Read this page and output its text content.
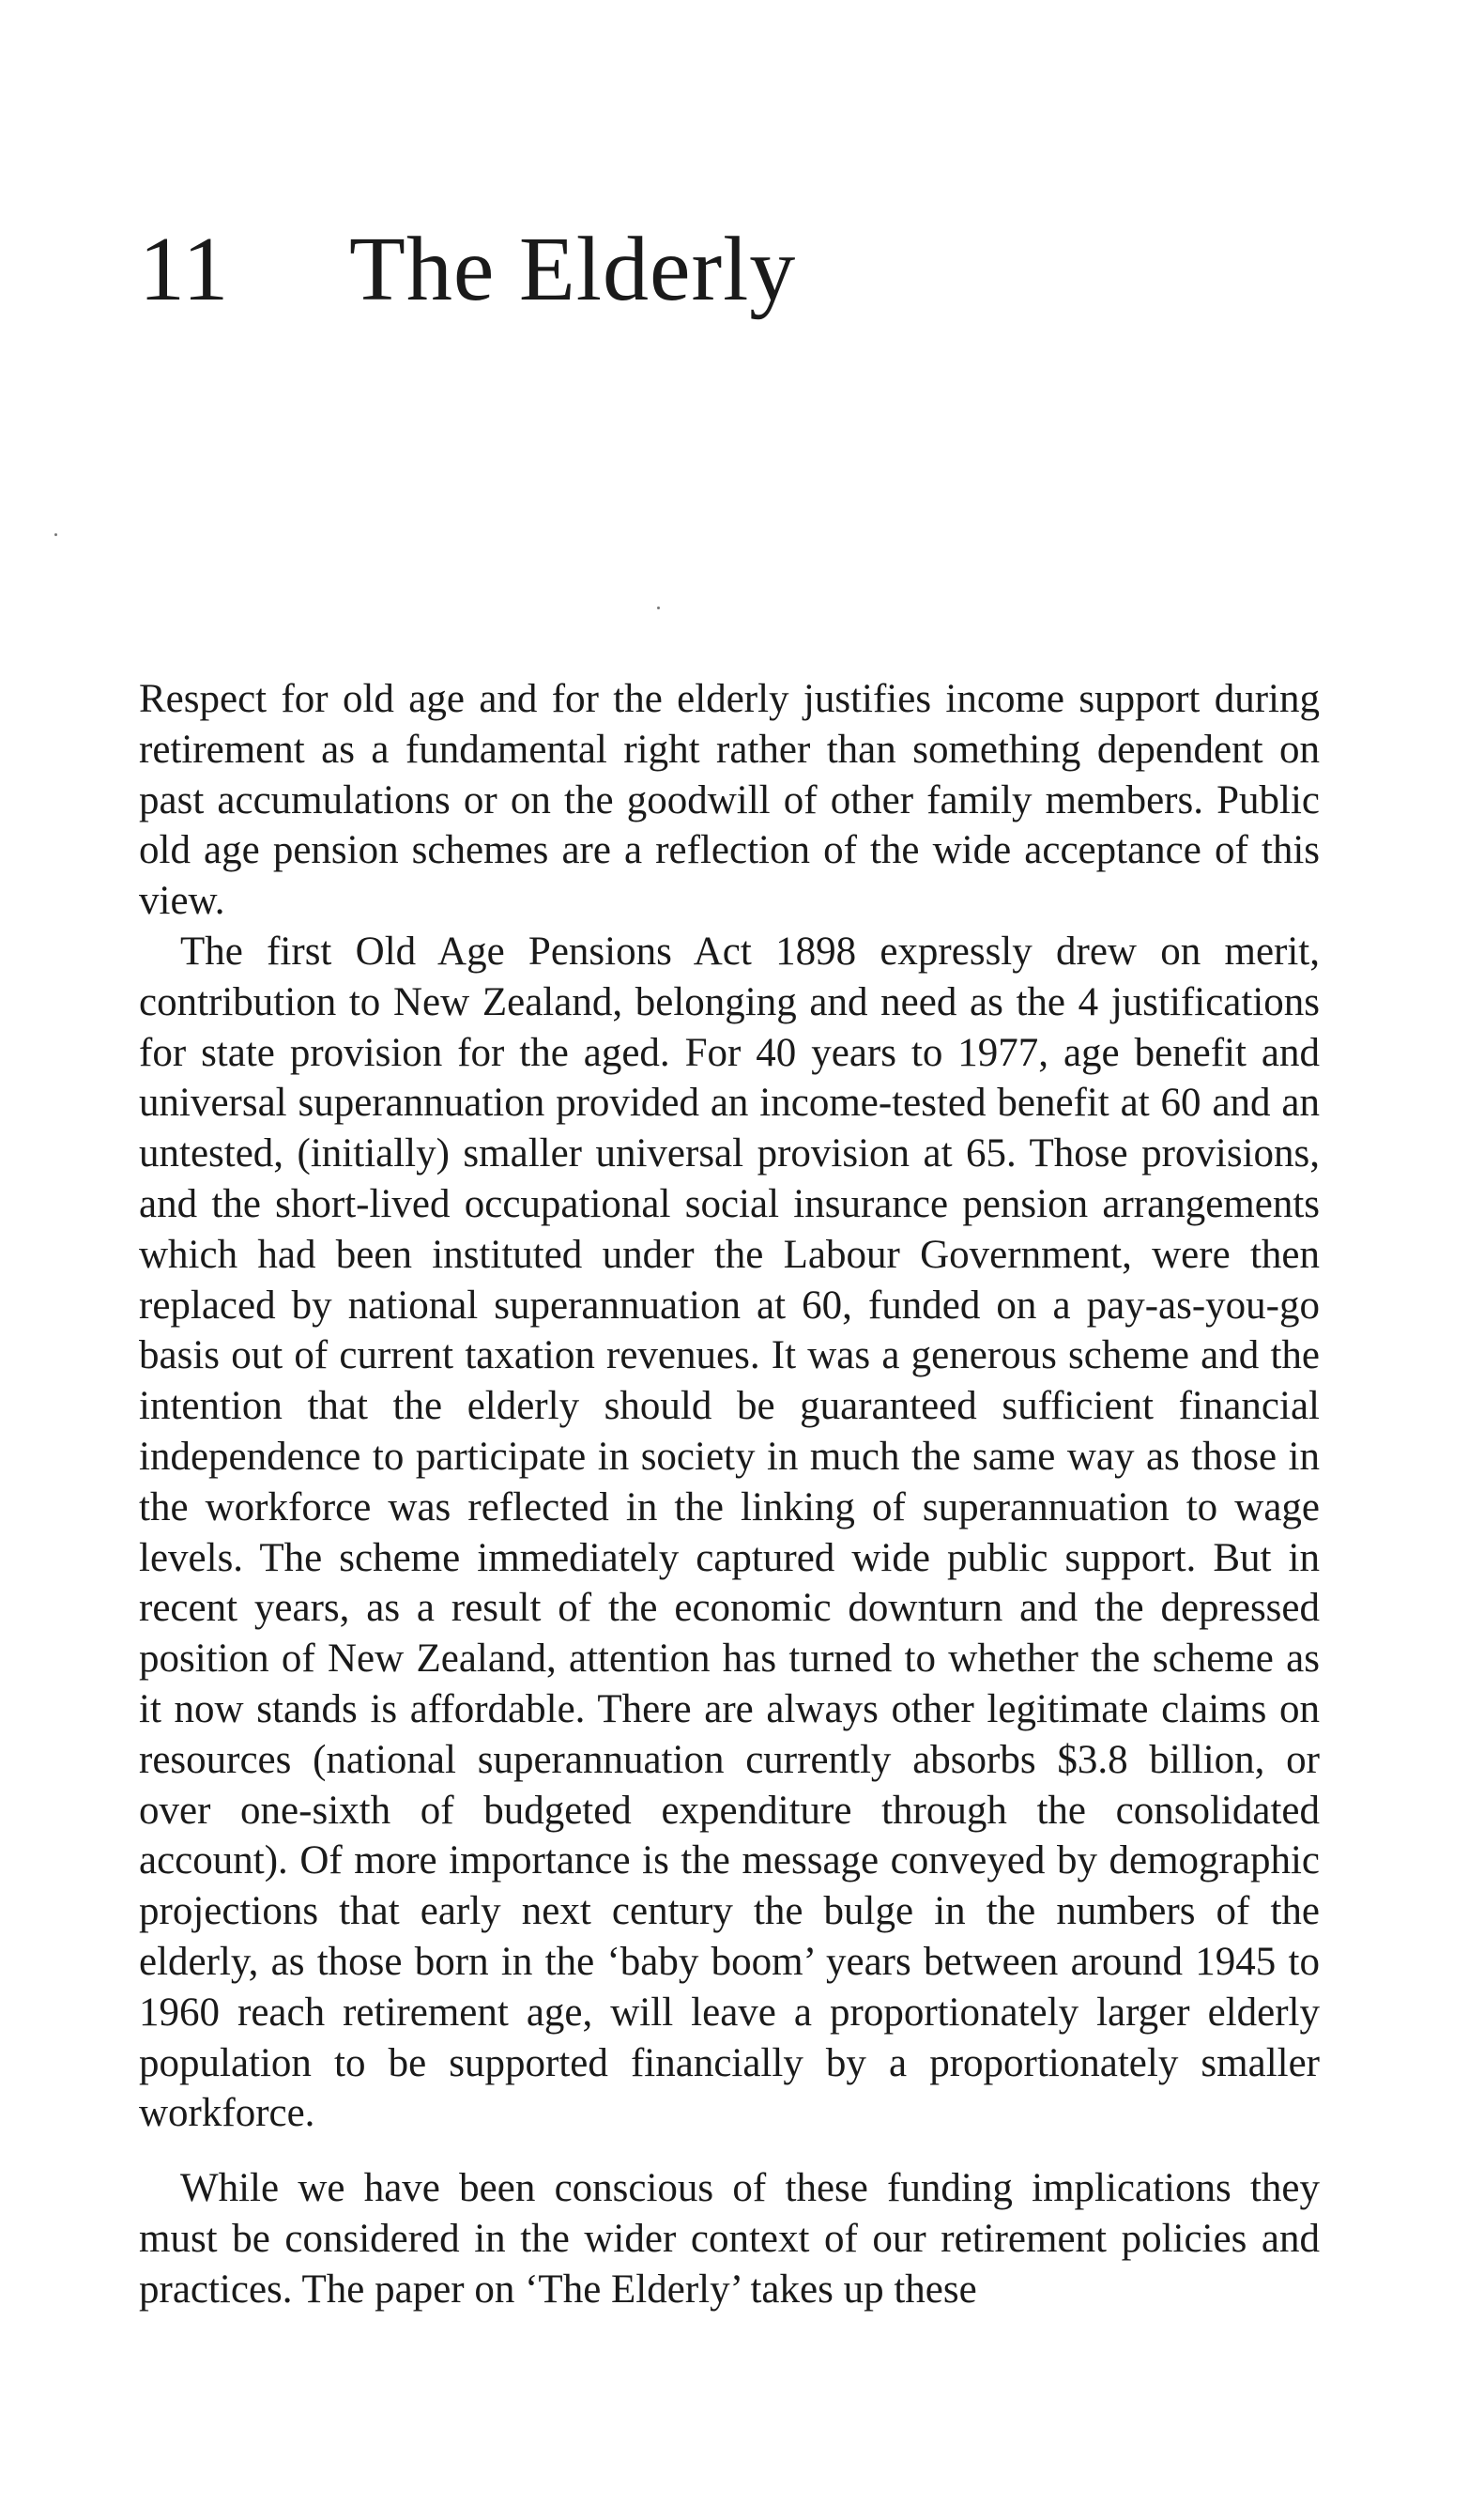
11 The Elderly

Respect for old age and for the elderly justifies income support during retirement as a fundamental right rather than something dependent on past accumulations or on the goodwill of other family members. Public old age pension schemes are a reflection of the wide acceptance of this view.

The first Old Age Pensions Act 1898 expressly drew on merit, contribution to New Zealand, belonging and need as the 4 justifications for state provision for the aged. For 40 years to 1977, age benefit and universal superannuation provided an income-tested benefit at 60 and an untested, (initially) smaller universal provision at 65. Those provisions, and the short-lived occupational social insurance pension arrangements which had been instituted under the Labour Government, were then replaced by national superannuation at 60, funded on a pay-as-you-go basis out of current taxation revenues. It was a generous scheme and the intention that the elderly should be guaranteed sufficient financial independence to participate in society in much the same way as those in the workforce was reflected in the linking of superannuation to wage levels. The scheme immediately captured wide public support. But in recent years, as a result of the economic downturn and the depressed position of New Zealand, attention has turned to whether the scheme as it now stands is affordable. There are always other legitimate claims on resources (national superannuation currently absorbs $3.8 billion, or over one-sixth of budgeted expenditure through the consolidated account). Of more importance is the message conveyed by demographic projections that early next century the bulge in the numbers of the elderly, as those born in the ‘baby boom’ years between around 1945 to 1960 reach retirement age, will leave a proportionately larger elderly population to be supported financially by a proportionately smaller workforce.

While we have been conscious of these funding implications they must be considered in the wider context of our retirement policies and practices. The paper on ‘The Elderly’ takes up these
